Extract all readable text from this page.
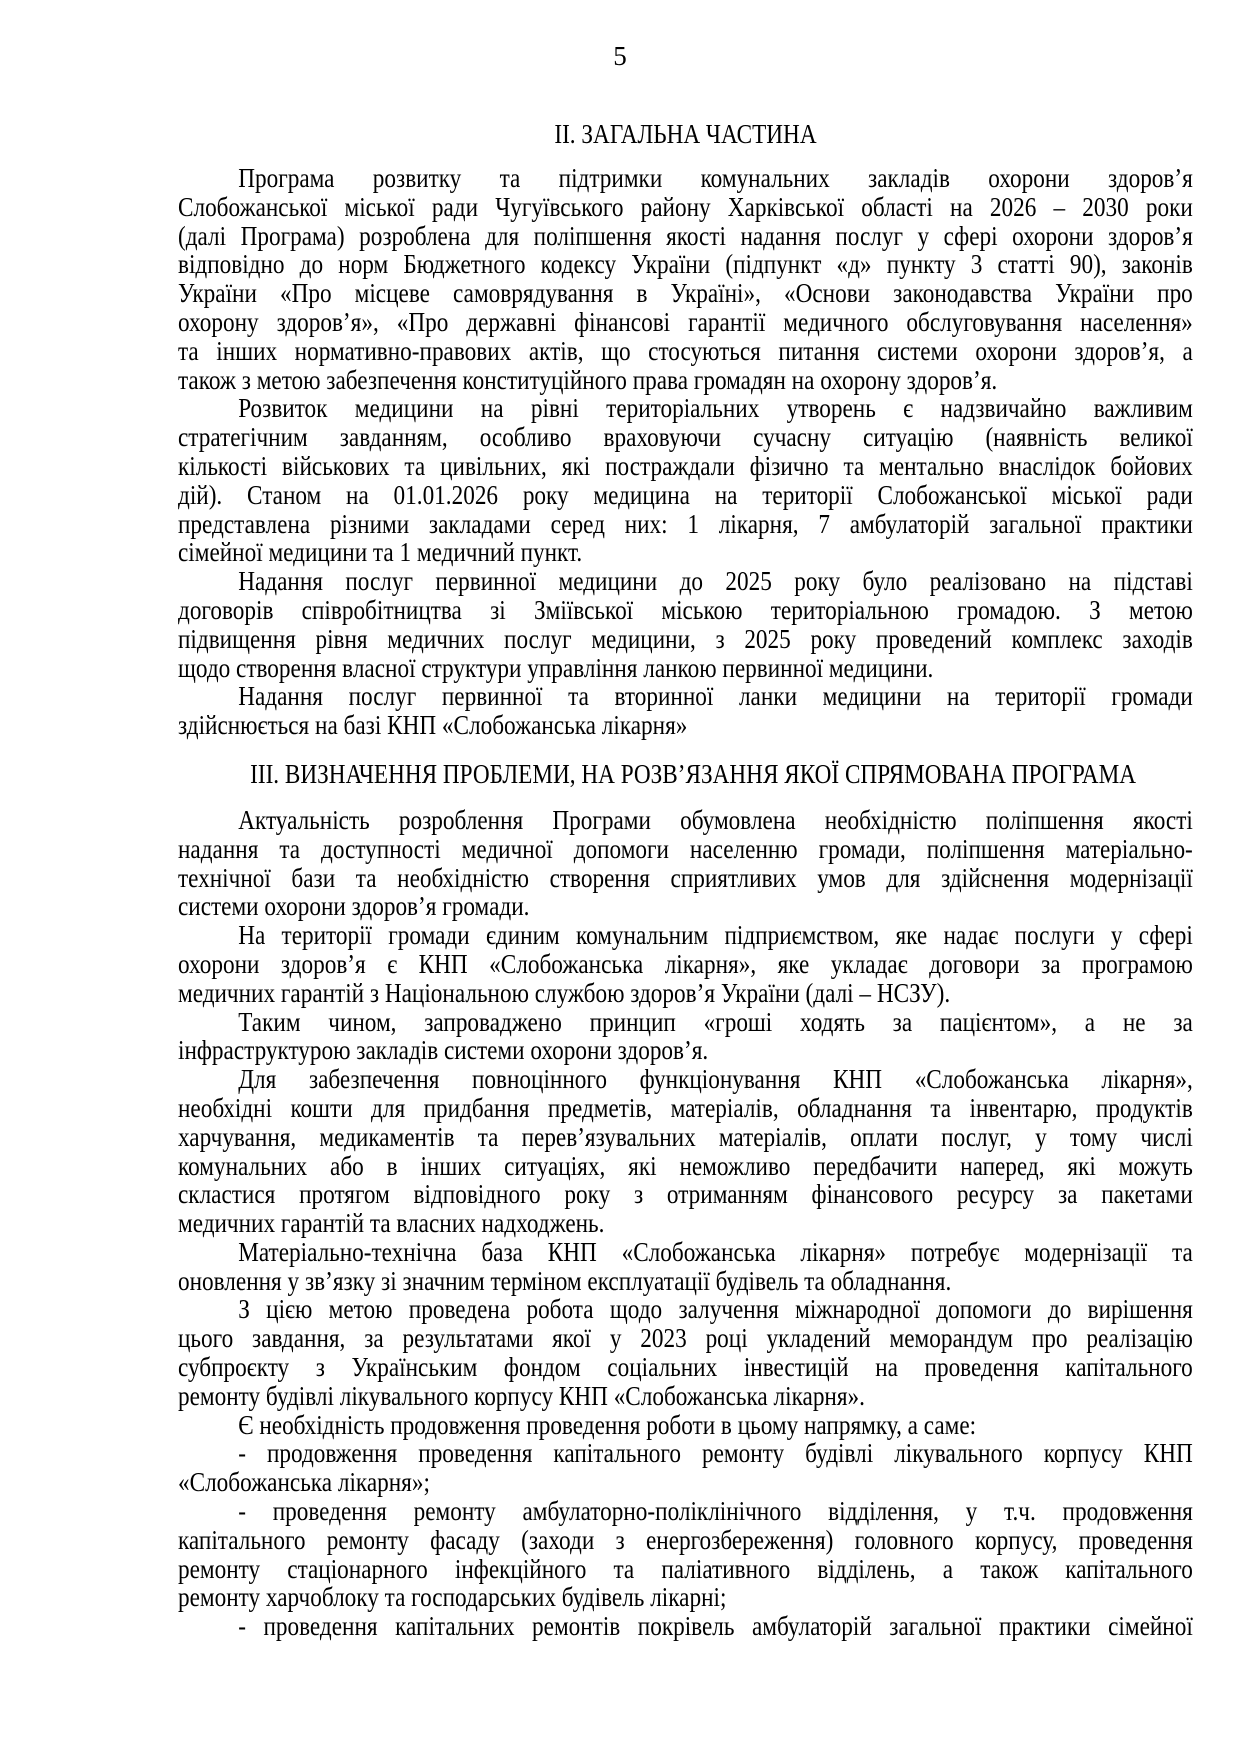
5
ІІ. ЗАГАЛЬНА ЧАСТИНА
Програма розвитку та підтримки комунальних закладів охорони здоров’я
Слобожанської міської ради Чугуївського району Харківської області на 2026 – 2030 роки
(далі Програма) розроблена для поліпшення якості надання послуг у сфері охорони здоров’я
відповідно до норм Бюджетного кодексу України (підпункт «д» пункту 3 статті 90), законів
України «Про місцеве самоврядування в Україні», «Основи законодавства України про
охорону здоров’я», «Про державні фінансові гарантії медичного обслуговування населення»
та інших нормативно-правових актів, що стосуються питання системи охорони здоров’я, а
також з метою забезпечення конституційного права громадян на охорону здоров’я.
Розвиток медицини на рівні територіальних утворень є надзвичайно важливим
стратегічним завданням, особливо враховуючи сучасну ситуацію (наявність великої
кількості військових та цивільних, які постраждали фізично та ментально внаслідок бойових
дій). Станом на 01.01.2026 року медицина на території Слобожанської міської ради
представлена різними закладами серед них: 1 лікарня, 7 амбулаторій загальної практики
сімейної медицини та 1 медичний пункт.
Надання послуг первинної медицини до 2025 року було реалізовано на підставі
договорів співробітництва зі Зміївської міською територіальною громадою. З метою
підвищення рівня медичних послуг медицини, з 2025 року проведений комплекс заходів
щодо створення власної структури управління ланкою первинної медицини.
Надання послуг первинної та вторинної ланки медицини на території громади
здійснюється на базі КНП «Слобожанська лікарня»
ІІІ. ВИЗНАЧЕННЯ ПРОБЛЕМИ, НА РОЗВ’ЯЗАННЯ ЯКОЇ СПРЯМОВАНА ПРОГРАМА
Актуальність розроблення Програми обумовлена необхідністю поліпшення якості
надання та доступності медичної допомоги населенню громади, поліпшення матеріально-
технічної бази та необхідністю створення сприятливих умов для здійснення модернізації
системи охорони здоров’я громади.
На території громади єдиним комунальним підприємством, яке надає послуги у сфері
охорони здоров’я є КНП «Слобожанська лікарня», яке укладає договори за програмою
медичних гарантій з Національною службою здоров’я України (далі – НСЗУ).
Таким чином, запроваджено принцип «гроші ходять за пацієнтом», а не за
інфраструктурою закладів системи охорони здоров’я.
Для забезпечення повноцінного функціонування КНП «Слобожанська лікарня»,
необхідні кошти для придбання предметів, матеріалів, обладнання та інвентарю, продуктів
харчування, медикаментів та перев’язувальних матеріалів, оплати послуг, у тому числі
комунальних або в інших ситуаціях, які неможливо передбачити наперед, які можуть
скластися протягом відповідного року з отриманням фінансового ресурсу за пакетами
медичних гарантій та власних надходжень.
Матеріально-технічна база КНП «Слобожанська лікарня» потребує модернізації та
оновлення у зв’язку зі значним терміном експлуатації будівель та обладнання.
З цією метою проведена робота щодо залучення міжнародної допомоги до вирішення
цього завдання, за результатами якої у 2023 році укладений меморандум про реалізацію
субпроєкту з Українським фондом соціальних інвестицій на проведення капітального
ремонту будівлі лікувального корпусу КНП «Слобожанська лікарня».
Є необхідність продовження проведення роботи в цьому напрямку, а саме:
- продовження проведення капітального ремонту будівлі лікувального корпусу КНП
«Слобожанська лікарня»;
- проведення ремонту амбулаторно-поліклінічного відділення, у т.ч. продовження
капітального ремонту фасаду (заходи з енергозбереження) головного корпусу, проведення
ремонту стаціонарного інфекційного та паліативного відділень, а також капітального
ремонту харчоблоку та господарських будівель лікарні;
- проведення капітальних ремонтів покрівель амбулаторій загальної практики сімейної
